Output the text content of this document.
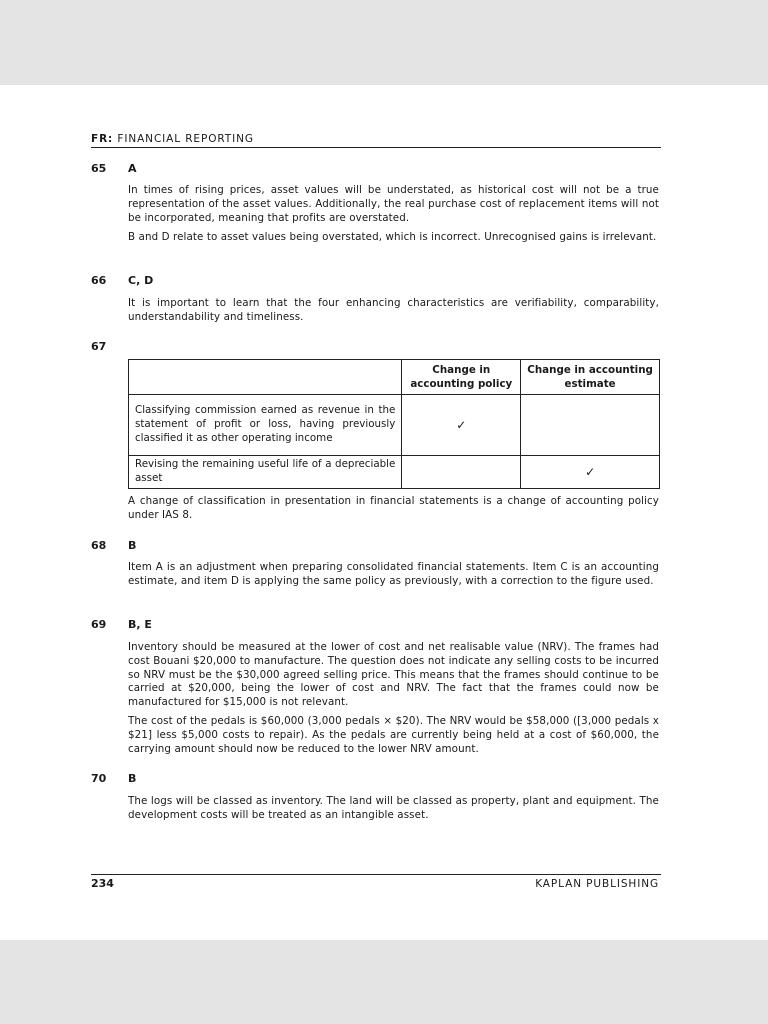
FR: FINANCIAL REPORTING
65 A
In times of rising prices, asset values will be understated, as historical cost will not be a true representation of the asset values. Additionally, the real purchase cost of replacement items will not be incorporated, meaning that profits are overstated.
B and D relate to asset values being overstated, which is incorrect. Unrecognised gains is irrelevant.
66 C, D
It is important to learn that the four enhancing characteristics are verifiability, comparability, understandability and timeliness.
67
	Change in accounting policy	Change in accounting estimate
Classifying commission earned as revenue in the statement of profit or loss, having previously classified it as other operating income	✓	
Revising the remaining useful life of a depreciable asset		✓
A change of classification in presentation in financial statements is a change of accounting policy under IAS 8.
68 B
Item A is an adjustment when preparing consolidated financial statements. Item C is an accounting estimate, and item D is applying the same policy as previously, with a correction to the figure used.
69 B, E
Inventory should be measured at the lower of cost and net realisable value (NRV). The frames had cost Bouani $20,000 to manufacture. The question does not indicate any selling costs to be incurred so NRV must be the $30,000 agreed selling price. This means that the frames should continue to be carried at $20,000, being the lower of cost and NRV. The fact that the frames could now be manufactured for $15,000 is not relevant.
The cost of the pedals is $60,000 (3,000 pedals × $20). The NRV would be $58,000 ([3,000 pedals x $21] less $5,000 costs to repair). As the pedals are currently being held at a cost of $60,000, the carrying amount should now be reduced to the lower NRV amount.
70 B
The logs will be classed as inventory. The land will be classed as property, plant and equipment. The development costs will be treated as an intangible asset.
234	KAPLAN PUBLISHING
